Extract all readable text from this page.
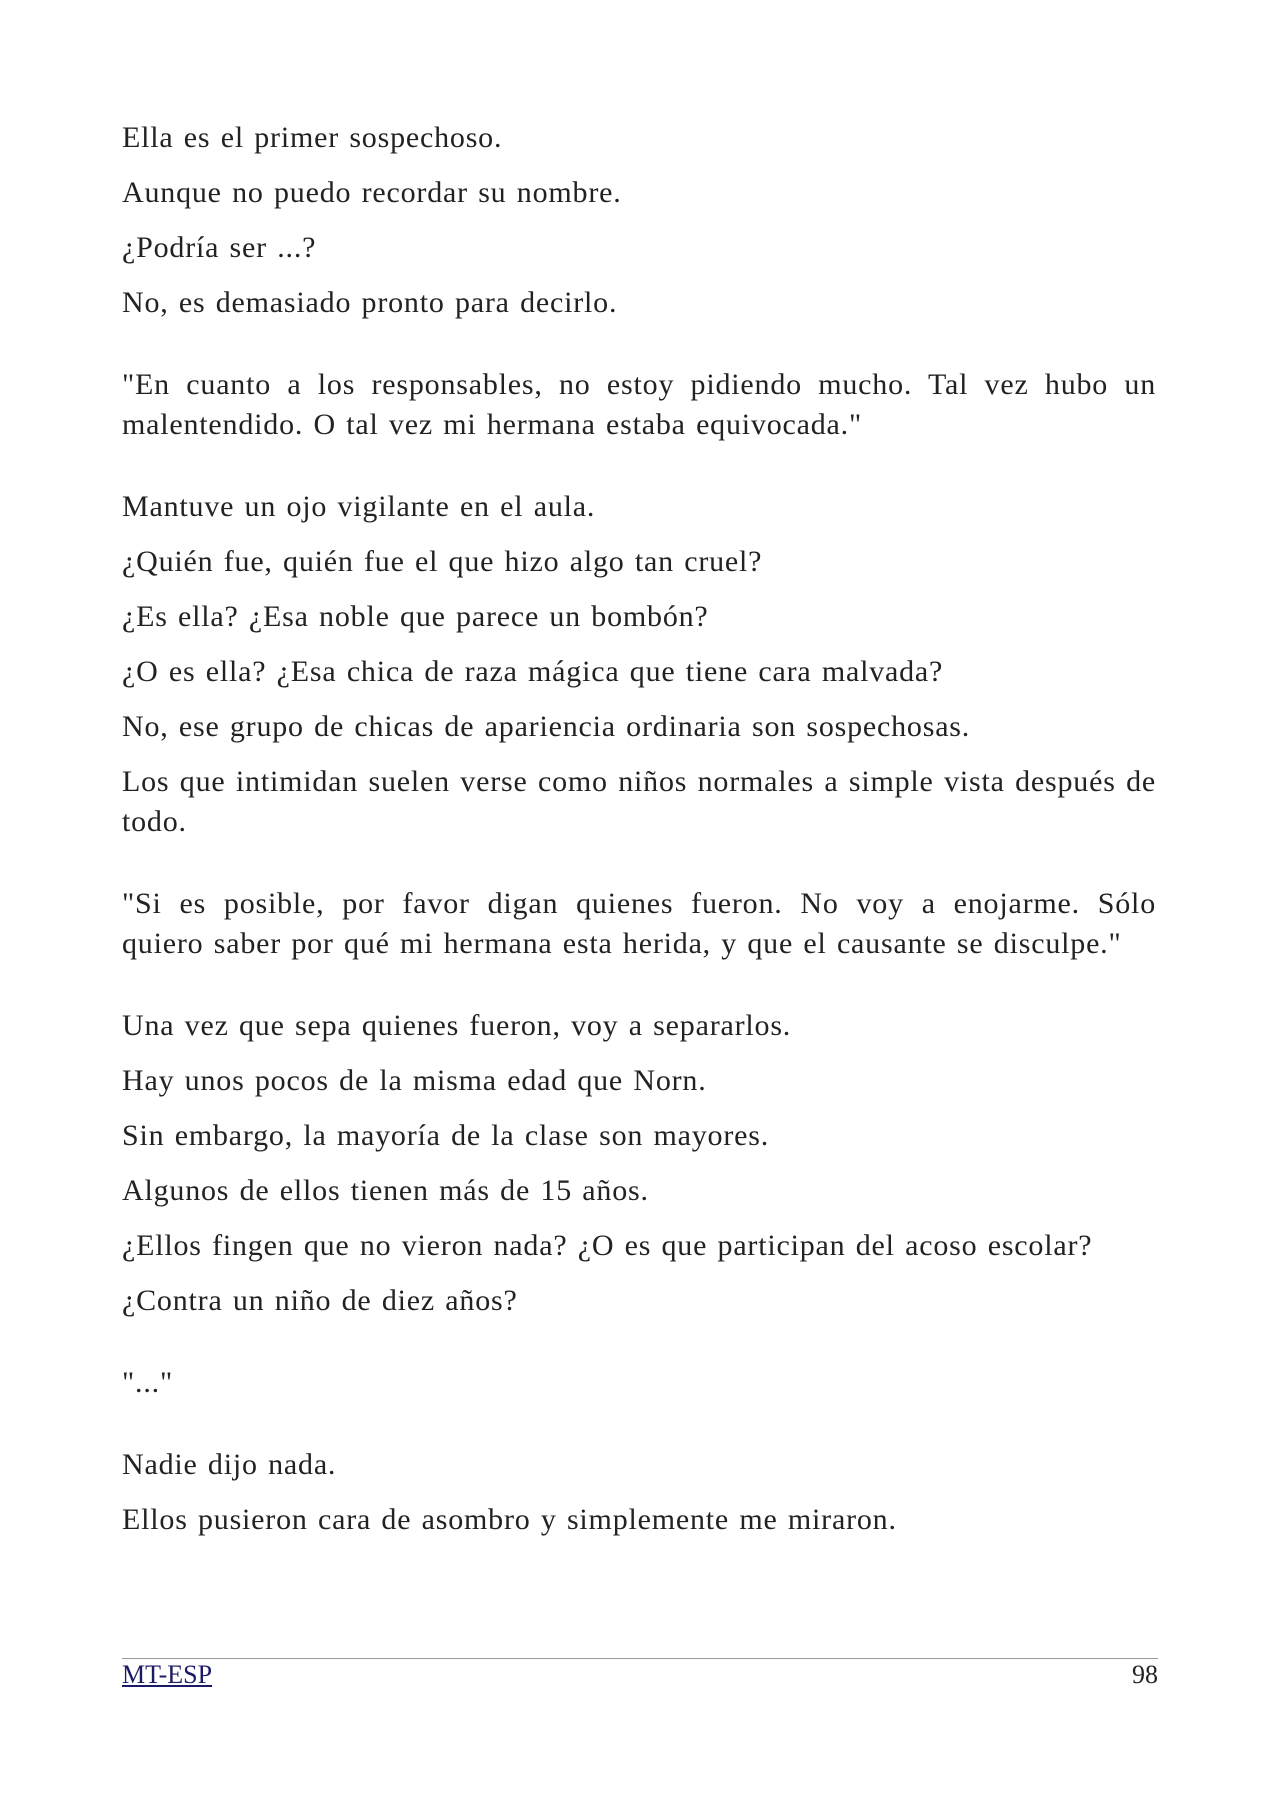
Ella es el primer sospechoso.

Aunque no puedo recordar su nombre.

¿Podría ser ...?

No, es demasiado pronto para decirlo.

"En cuanto a los responsables, no estoy pidiendo mucho. Tal vez hubo un malentendido. O tal vez mi hermana estaba equivocada."

Mantuve un ojo vigilante en el aula.

¿Quién fue, quién fue el que hizo algo tan cruel?

¿Es ella? ¿Esa noble que parece un bombón?

¿O es ella? ¿Esa chica de raza mágica que tiene cara malvada?

No, ese grupo de chicas de apariencia ordinaria son sospechosas.

Los que intimidan suelen verse como niños normales a simple vista después de todo.

"Si es posible, por favor digan quienes fueron. No voy a enojarme. Sólo quiero saber por qué mi hermana esta herida, y que el causante se disculpe."

Una vez que sepa quienes fueron, voy a separarlos.

Hay unos pocos de la misma edad que Norn.

Sin embargo, la mayoría de la clase son mayores.

Algunos de ellos tienen más de 15 años.

¿Ellos fingen que no vieron nada? ¿O es que participan del acoso escolar?

¿Contra un niño de diez años?

"..."

Nadie dijo nada.

Ellos pusieron cara de asombro y simplemente me miraron.

MT-ESP	98
